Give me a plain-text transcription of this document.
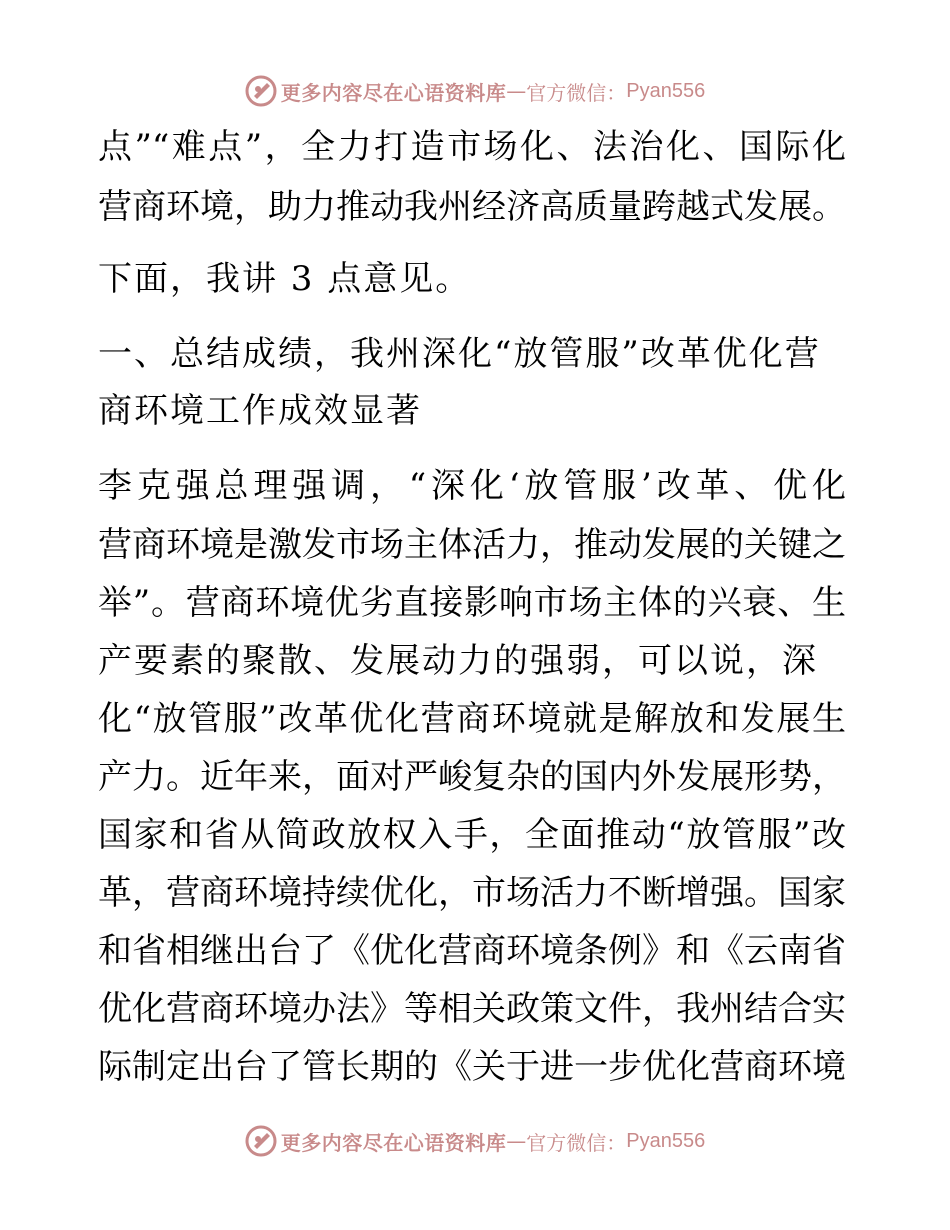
更多内容尽在心语资料库 — 官方微信： Pyan556
点”“难点”，全力打造市场化、法治化、国际化
营商环境，助力推动我州经济高质量跨越式发展。
下面，我讲 3 点意见。
一、总结成绩，我州深化“放管服”改革优化营
商环境工作成效显著
李克强总理强调，“深化‘放管服’改革、优化
营商环境是激发市场主体活力，推动发展的关键之
举”。营商环境优劣直接影响市场主体的兴衰、生
产要素的聚散、发展动力的强弱，可以说，深
化“放管服”改革优化营商环境就是解放和发展生
产力。近年来，面对严峻复杂的国内外发展形势，
国家和省从简政放权入手，全面推动“放管服”改
革，营商环境持续优化，市场活力不断增强。国家
和省相继出台了《优化营商环境条例》和《云南省
优化营商环境办法》等相关政策文件，我州结合实
际制定出台了管长期的《关于进一步优化营商环境
更多内容尽在心语资料库 — 官方微信： Pyan556
